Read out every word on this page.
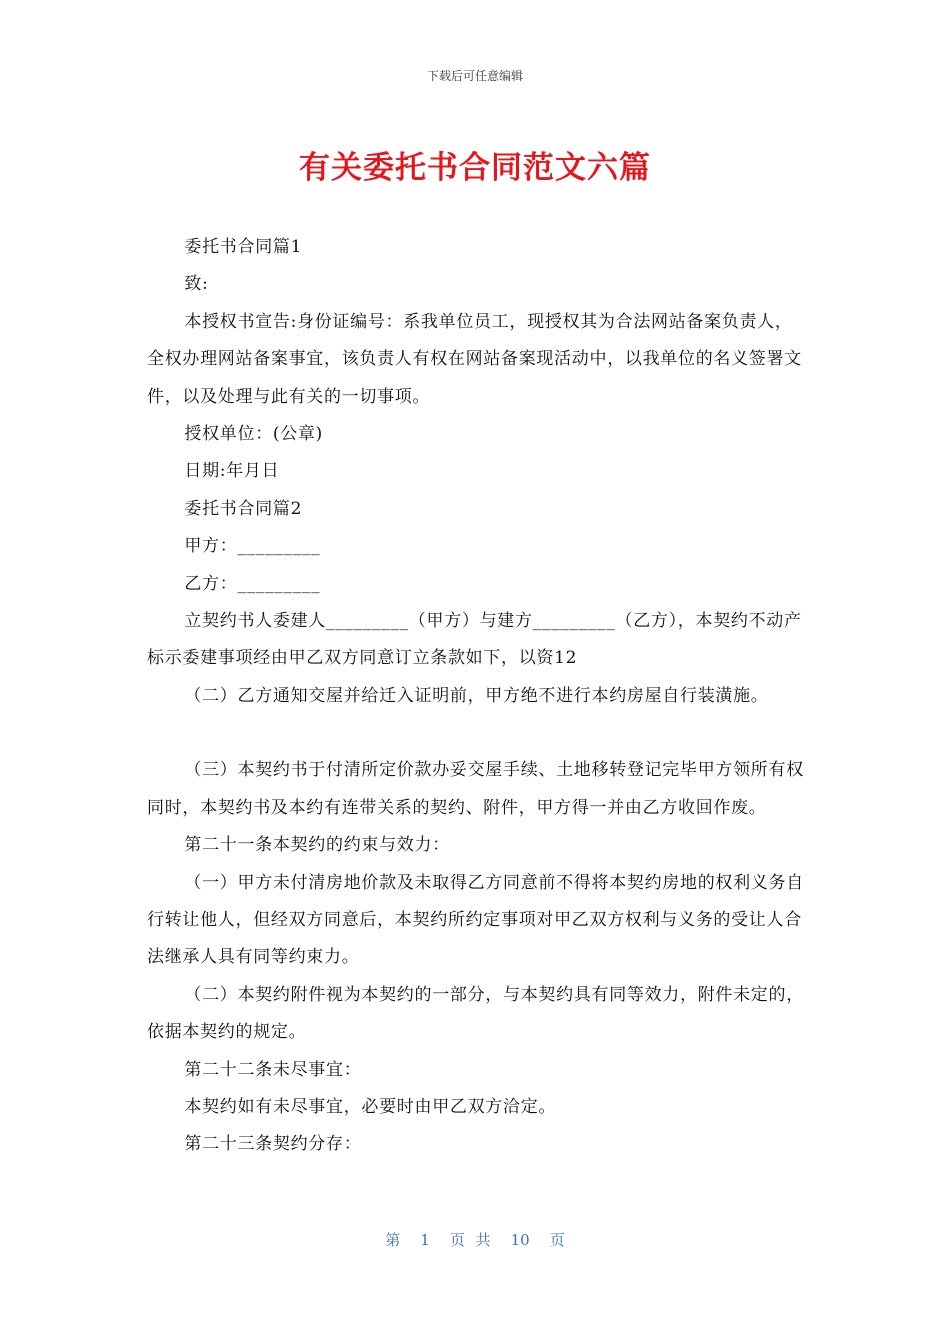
下载后可任意编辑
有关委托书合同范文六篇

委托书合同篇1

致:

本授权书宣告:身份证编号：系我单位员工，现授权其为合法网站备案负责人，全权办理网站备案事宜，该负责人有权在网站备案现活动中，以我单位的名义签署文件，以及处理与此有关的一切事项。

授权单位：(公章)

日期:年月日

委托书合同篇2

甲方：_________

乙方：_________

立契约书人委建人_________（甲方）与建方_________（乙方），本契约不动产标示委建事项经由甲乙双方同意订立条款如下，以资12

（二）乙方通知交屋并给迁入证明前，甲方绝不进行本约房屋自行装潢施。

（三）本契约书于付清所定价款办妥交屋手续、土地移转登记完毕甲方领所有权同时，本契约书及本约有连带关系的契约、附件，甲方得一并由乙方收回作废。

第二十一条本契约的约束与效力：

（一）甲方未付清房地价款及未取得乙方同意前不得将本契约房地的权利义务自行转让他人，但经双方同意后，本契约所约定事项对甲乙双方权利与义务的受让人合法继承人具有同等约束力。

（二）本契约附件视为本契约的一部分，与本契约具有同等效力，附件未定的，依据本契约的规定。

第二十二条未尽事宜：

本契约如有未尽事宜，必要时由甲乙双方洽定。

第二十三条契约分存：

第 1 页 共 10 页
